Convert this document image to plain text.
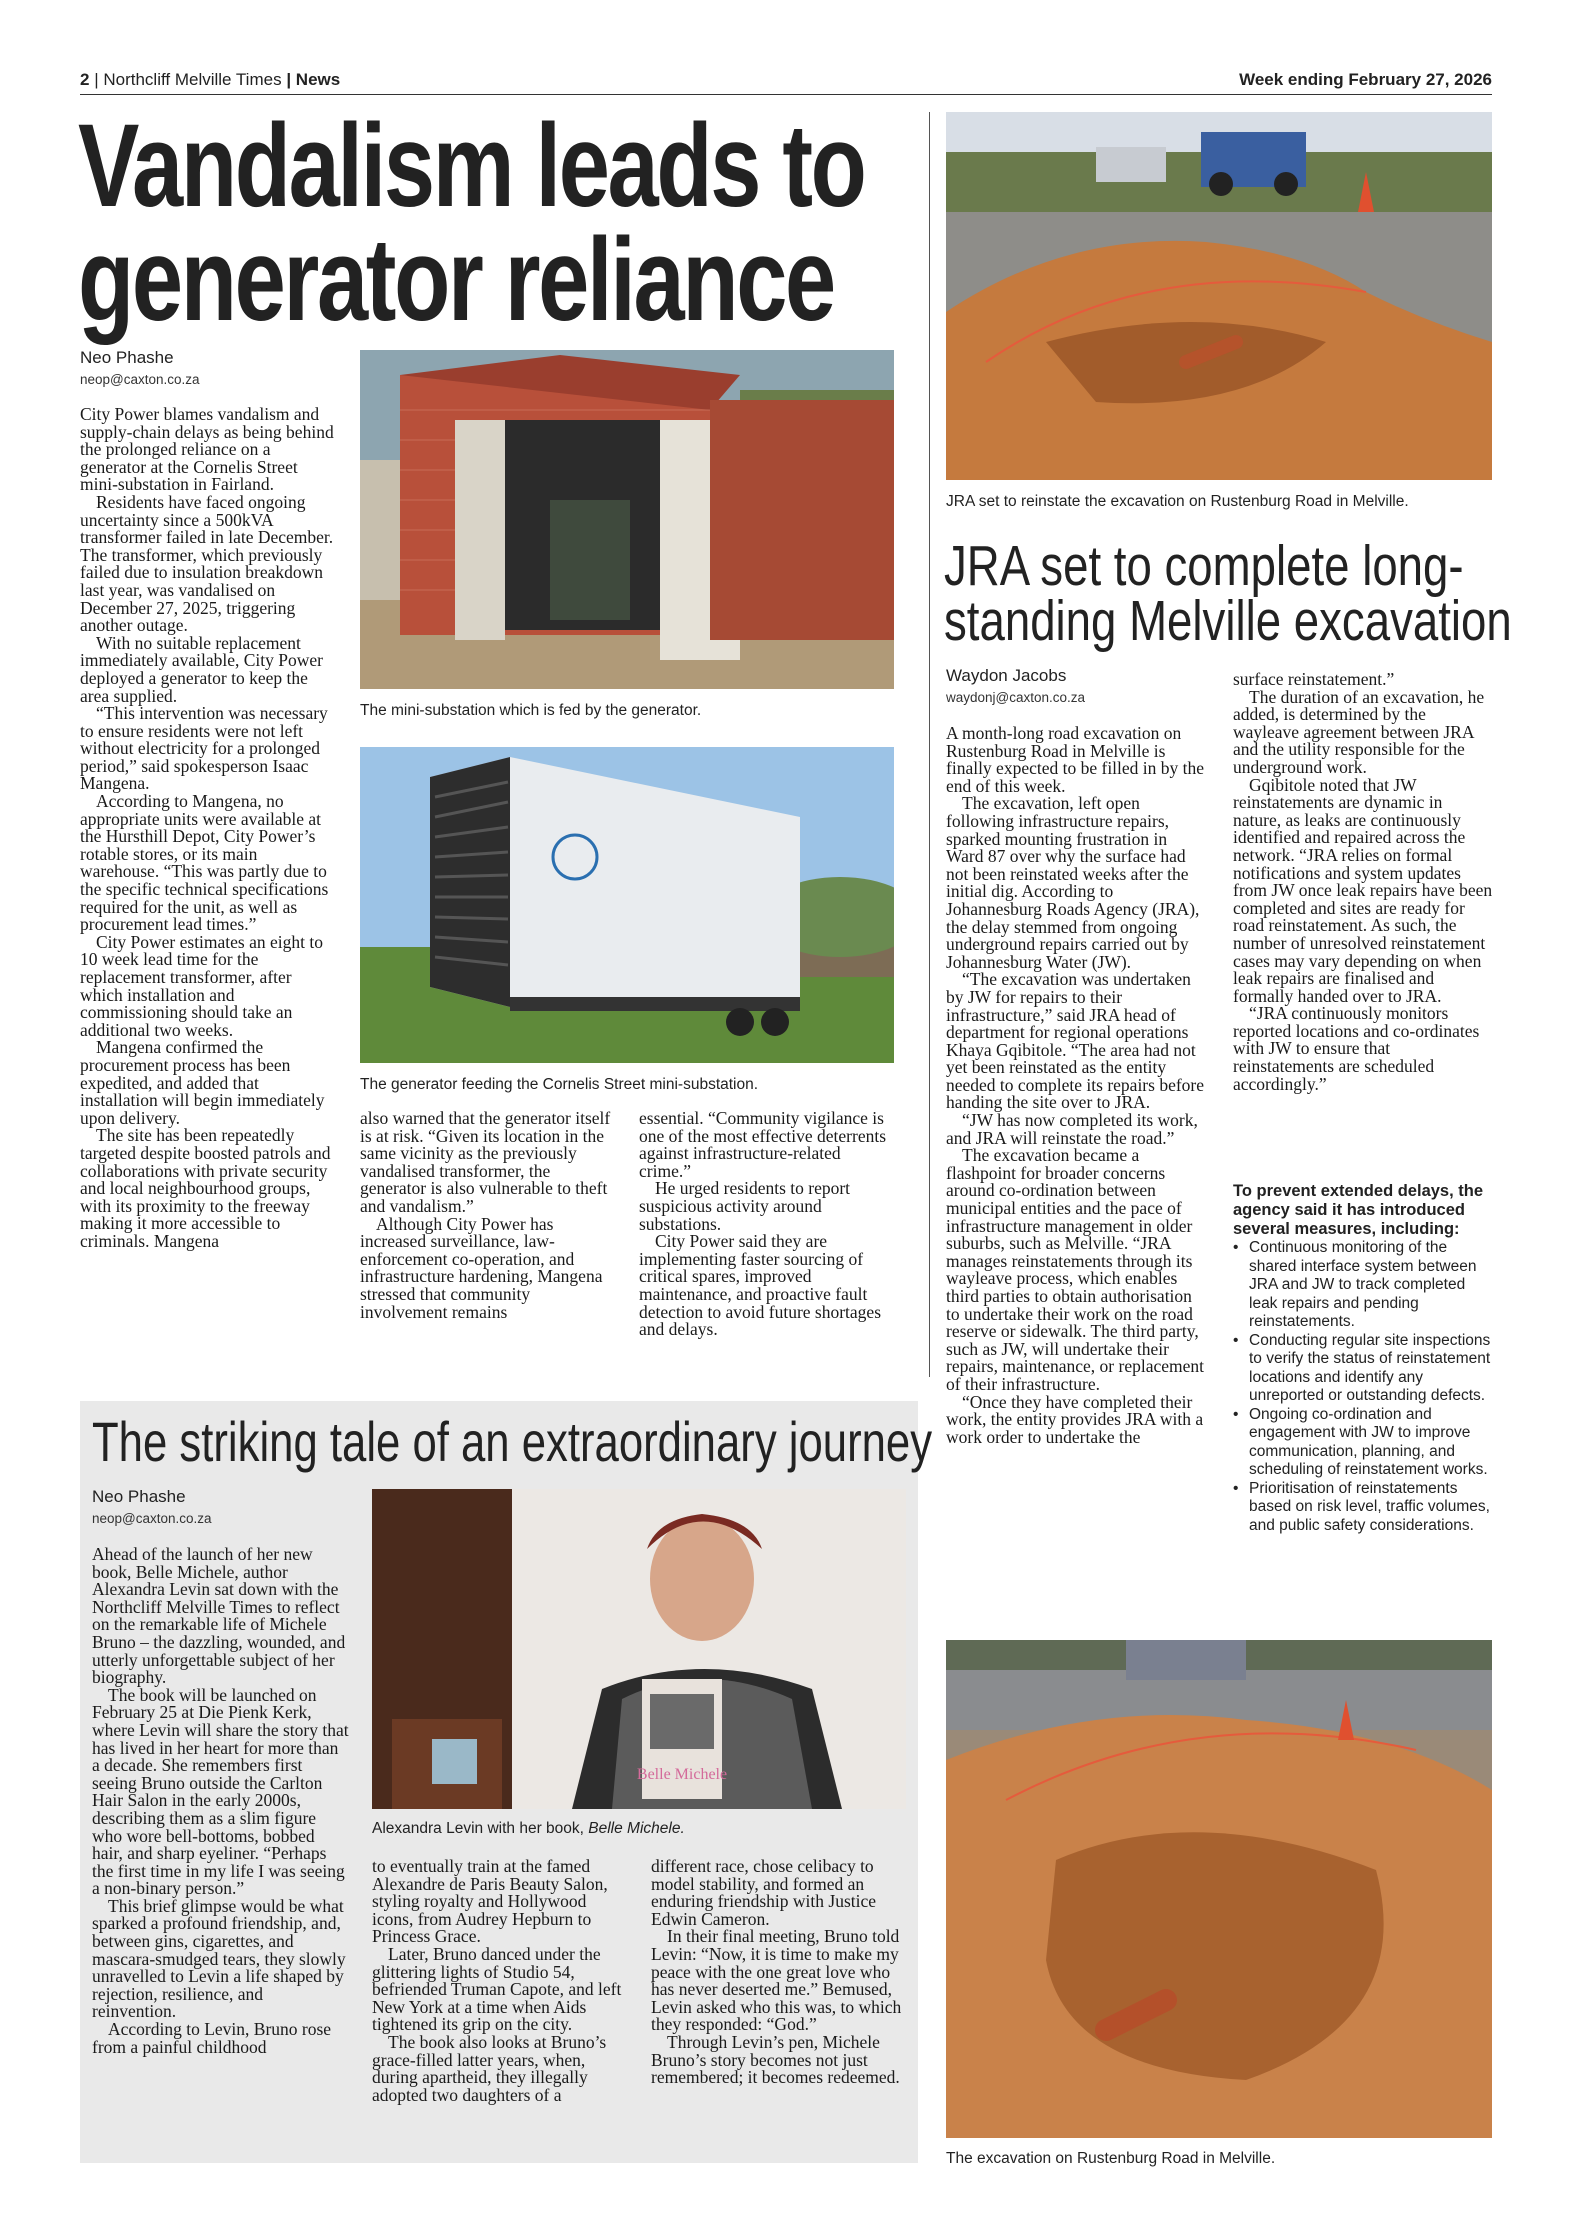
2 | Northcliff Melville Times | News	Week ending February 27, 2026
Vandalism leads to
generator reliance
Neo Phashe
neop@caxton.co.za

City Power blames vandalism and supply-chain delays as being behind the prolonged reliance on a generator at the Cornelis Street mini-substation in Fairland.

Residents have faced ongoing uncertainty since a 500kVA transformer failed in late December. The transformer, which previously failed due to insulation breakdown last year, was vandalised on December 27, 2025, triggering another outage.

With no suitable replacement immediately available, City Power deployed a generator to keep the area supplied.

“This intervention was necessary to ensure residents were not left without electricity for a prolonged period,” said spokesperson Isaac Mangena.

According to Mangena, no appropriate units were available at the Hursthill Depot, City Power’s rotable stores, or its main warehouse. “This was partly due to the specific technical specifications required for the unit, as well as procurement lead times.”

City Power estimates an eight to 10 week lead time for the replacement transformer, after which installation and commissioning should take an additional two weeks.

Mangena confirmed the procurement process has been expedited, and added that installation will begin immediately upon delivery.

The site has been repeatedly targeted despite boosted patrols and collaborations with private security and local neighbourhood groups, with its proximity to the freeway making it more accessible to criminals. Mangena

The mini-substation which is fed by the generator.
The generator feeding the Cornelis Street mini-substation.

also warned that the generator itself is at risk. “Given its location in the same vicinity as the previously vandalised transformer, the generator is also vulnerable to theft and vandalism.”

Although City Power has increased surveillance, law-enforcement co-operation, and infrastructure hardening, Mangena stressed that community involvement remains

essential. “Community vigilance is one of the most effective deterrents against infrastructure-related crime.”

He urged residents to report suspicious activity around substations.

City Power said they are implementing faster sourcing of critical spares, improved maintenance, and proactive fault detection to avoid future shortages and delays.

JRA set to reinstate the excavation on Rustenburg Road in Melville.
JRA set to complete long-
standing Melville excavation
Waydon Jacobs
waydonj@caxton.co.za

A month-long road excavation on Rustenburg Road in Melville is finally expected to be filled in by the end of this week.

The excavation, left open following infrastructure repairs, sparked mounting frustration in Ward 87 over why the surface had not been reinstated weeks after the initial dig. According to Johannesburg Roads Agency (JRA), the delay stemmed from ongoing underground repairs carried out by Johannesburg Water (JW).

“The excavation was undertaken by JW for repairs to their infrastructure,” said JRA head of department for regional operations Khaya Gqibitole. “The area had not yet been reinstated as the entity needed to complete its repairs before handing the site over to JRA.

“JW has now completed its work, and JRA will reinstate the road.”

The excavation became a flashpoint for broader concerns around co-ordination between municipal entities and the pace of infrastructure management in older suburbs, such as Melville. “JRA manages reinstatements through its wayleave process, which enables third parties to obtain authorisation to undertake their work on the road reserve or sidewalk. The third party, such as JW, will undertake their repairs, maintenance, or replacement of their infrastructure.

“Once they have completed their work, the entity provides JRA with a work order to undertake the

surface reinstatement.”

The duration of an excavation, he added, is determined by the wayleave agreement between JRA and the utility responsible for the underground work.

Gqibitole noted that JW reinstatements are dynamic in nature, as leaks are continuously identified and repaired across the network. “JRA relies on formal notifications and system updates from JW once leak repairs have been completed and sites are ready for road reinstatement. As such, the number of unresolved reinstatement cases may vary depending on when leak repairs are finalised and formally handed over to JRA.

“JRA continuously monitors reported locations and co-ordinates with JW to ensure that reinstatements are scheduled accordingly.”

To prevent extended delays, the agency said it has introduced several measures, including:
• Continuous monitoring of the shared interface system between JRA and JW to track completed leak repairs and pending reinstatements.
• Conducting regular site inspections to verify the status of reinstatement locations and identify any unreported or outstanding defects.
• Ongoing co-ordination and engagement with JW to improve communication, planning, and scheduling of reinstatement works.
• Prioritisation of reinstatements based on risk level, traffic volumes, and public safety considerations.
The excavation on Rustenburg Road in Melville.
The striking tale of an extraordinary journey
Neo Phashe
neop@caxton.co.za

Ahead of the launch of her new book, Belle Michele, author Alexandra Levin sat down with the Northcliff Melville Times to reflect on the remarkable life of Michele Bruno – the dazzling, wounded, and utterly unforgettable subject of her biography.

The book will be launched on February 25 at Die Pienk Kerk, where Levin will share the story that has lived in her heart for more than a decade. She remembers first seeing Bruno outside the Carlton Hair Salon in the early 2000s, describing them as a slim figure who wore bell-bottoms, bobbed hair, and sharp eyeliner. “Perhaps the first time in my life I was seeing a non-binary person.”

This brief glimpse would be what sparked a profound friendship, and, between gins, cigarettes, and mascara-smudged tears, they slowly unravelled to Levin a life shaped by rejection, resilience, and reinvention.

According to Levin, Bruno rose from a painful childhood

Belle Michele
Alexandra Levin with her book, Belle Michele.

to eventually train at the famed Alexandre de Paris Beauty Salon, styling royalty and Hollywood icons, from Audrey Hepburn to Princess Grace.

Later, Bruno danced under the glittering lights of Studio 54, befriended Truman Capote, and left New York at a time when Aids tightened its grip on the city.

The book also looks at Bruno’s grace-filled latter years, when, during apartheid, they illegally adopted two daughters of a

different race, chose celibacy to model stability, and formed an enduring friendship with Justice Edwin Cameron.

In their final meeting, Bruno told Levin: “Now, it is time to make my peace with the one great love who has never deserted me.” Bemused, Levin asked who this was, to which they responded: “God.”

Through Levin’s pen, Michele Bruno’s story becomes not just remembered; it becomes redeemed.
